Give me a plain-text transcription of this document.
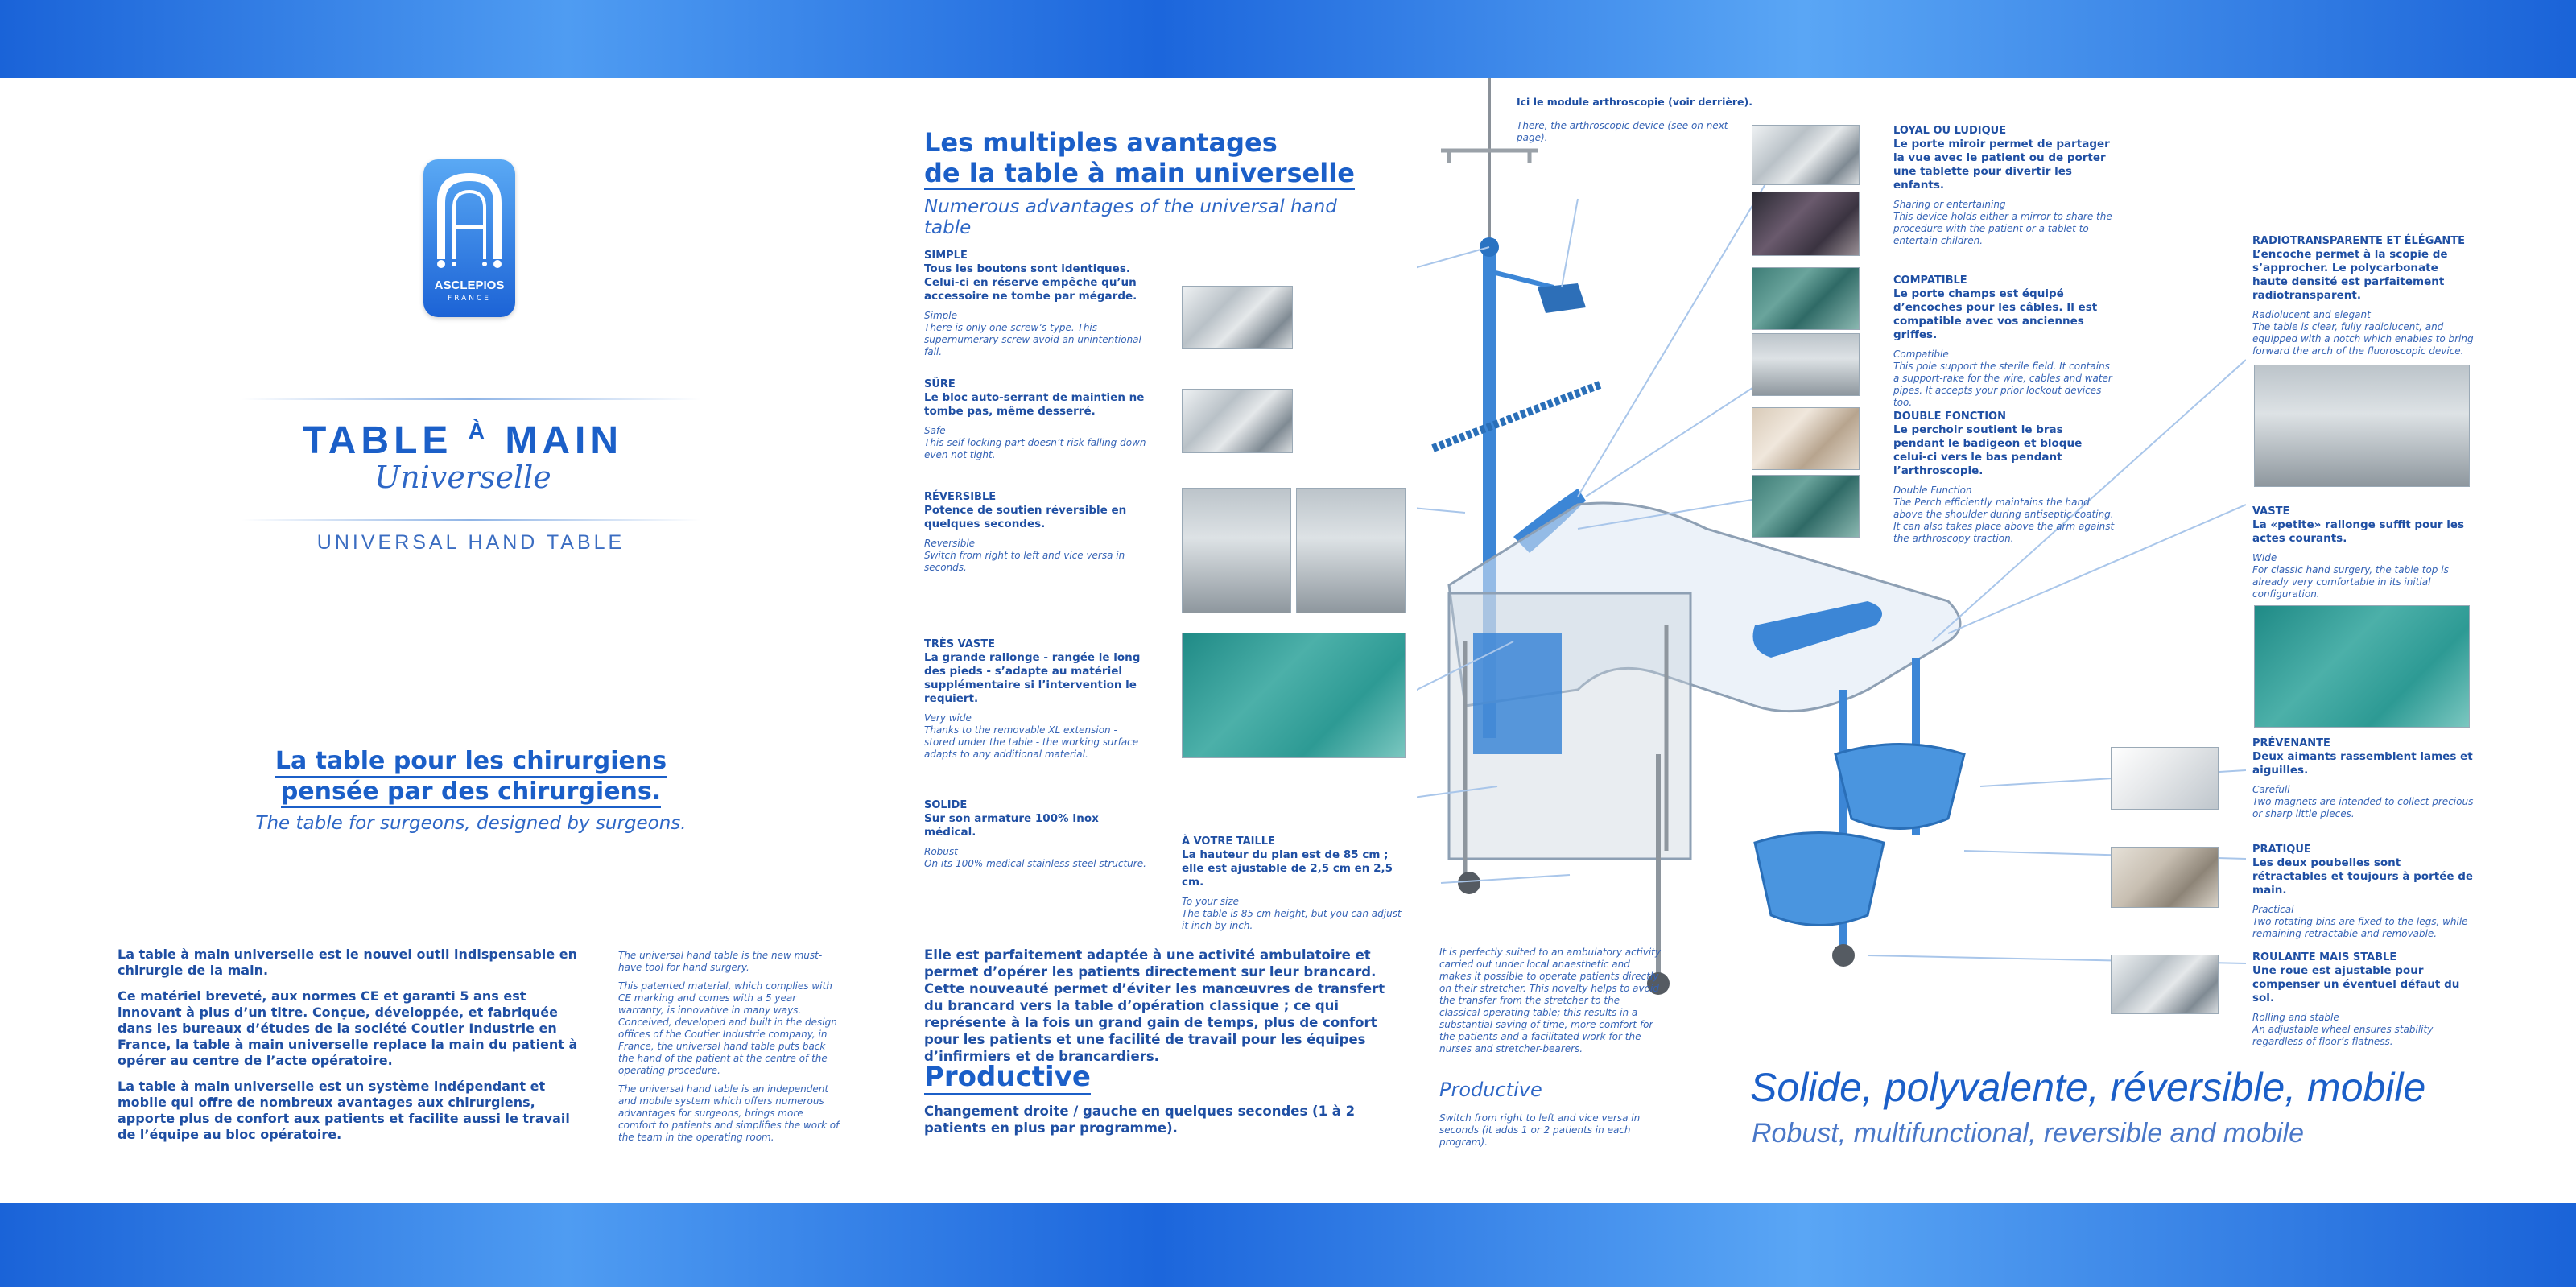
ASCLEPIOS
FRANCE
TABLE $^À$ MAIN
Universelle
UNIVERSAL HAND TABLE
La table pour les chirurgiens
pensée par des chirurgiens.
The table for surgeons, designed by surgeons.

La table à main universelle est le nouvel outil indispensable en chirurgie de la main.

Ce matériel breveté, aux normes CE et garanti 5 ans est innovant à plus d’un titre. Conçue, développée, et fabriquée dans les bureaux d’études de la société Coutier Industrie en France, la table à main universelle replace la main du patient à opérer au centre de l’acte opératoire.

La table à main universelle est un système indépendant et mobile qui offre de nombreux avantages aux chirurgiens, apporte plus de confort aux patients et facilite aussi le travail de l’équipe au bloc opératoire.

The universal hand table is the new must-have tool for hand surgery.

This patented material, which complies with CE marking and comes with a 5 year warranty, is innovative in many ways. Conceived, developed and built in the design offices of the Coutier Industrie company, in France, the universal hand table puts back the hand of the patient at the centre of the operating procedure.

The universal hand table is an independent and mobile system which offers numerous advantages for surgeons, brings more comfort to patients and simplifies the work of the team in the operating room.

Les multiples avantages
de la table à main universelle
Numerous advantages of the universal hand table
SIMPLE
Tous les boutons sont identiques. Celui-ci en réserve empêche qu’un accessoire ne tombe par mégarde.
Simple
There is only one screw’s type. This supernumerary screw avoid an unintentional fall.
SÛRE
Le bloc auto-serrant de maintien ne tombe pas, même desserré.
Safe
This self-locking part doesn’t risk falling down even not tight.
RÉVERSIBLE
Potence de soutien réversible en quelques secondes.
Reversible
Switch from right to left and vice versa in seconds.
TRÈS VASTE
La grande rallonge - rangée le long des pieds - s’adapte au matériel supplémentaire si l’intervention le requiert.
Very wide
Thanks to the removable XL extension - stored under the table - the working surface adapts to any additional material.
SOLIDE
Sur son armature 100% Inox médical.
Robust
On its 100% medical stainless steel structure.
À VOTRE TAILLE
La hauteur du plan est de 85 cm ; elle est ajustable de 2,5 cm en 2,5 cm.
To your size
The table is 85 cm height, but you can adjust it inch by inch.
Ici le module arthroscopie (voir derrière).
There, the arthroscopic device (see on next page).
LOYAL OU LUDIQUE
Le porte miroir permet de partager la vue avec le patient ou de porter une tablette pour divertir les enfants.
Sharing or entertaining
This device holds either a mirror to share the procedure with the patient or a tablet to entertain children.
COMPATIBLE
Le porte champs est équipé d’encoches pour les câbles. Il est compatible avec vos anciennes griffes.
Compatible
This pole support the sterile field. It contains a support-rake for the wire, cables and water pipes. It accepts your prior lockout devices too.
DOUBLE FONCTION
Le perchoir soutient le bras pendant le badigeon et bloque celui-ci vers le bas pendant l’arthroscopie.
Double Function
The Perch efficiently maintains the hand above the shoulder during antiseptic coating. It can also takes place above the arm against the arthroscopy traction.
RADIOTRANSPARENTE ET ÉLÉGANTE
L’encoche permet à la scopie de s’approcher. Le polycarbonate haute densité est parfaitement radiotransparent.
Radiolucent and elegant
The table is clear, fully radiolucent, and equipped with a notch which enables to bring forward the arch of the fluoroscopic device.
VASTE
La «petite» rallonge suffit pour les actes courants.
Wide
For classic hand surgery, the table top is already very comfortable in its initial configuration.
PRÉVENANTE
Deux aimants rassemblent lames et aiguilles.
Carefull
Two magnets are intended to collect precious or sharp little pieces.
PRATIQUE
Les deux poubelles sont rétractables et toujours à portée de main.
Practical
Two rotating bins are fixed to the legs, while remaining retractable and removable.
ROULANTE MAIS STABLE
Une roue est ajustable pour compenser un éventuel défaut du sol.
Rolling and stable
An adjustable wheel ensures stability regardless of floor’s flatness.
Elle est parfaitement adaptée à une activité ambulatoire et permet d’opérer les patients directement sur leur brancard. Cette nouveauté permet d’éviter les manœuvres de transfert du brancard vers la table d’opération classique ; ce qui représente à la fois un grand gain de temps, plus de confort pour les patients et une facilité de travail pour les équipes d’infirmiers et de brancardiers.
It is perfectly suited to an ambulatory activity carried out under local anaesthetic and makes it possible to operate patients directly on their stretcher. This novelty helps to avoid the transfer from the stretcher to the classical operating table; this results in a substantial saving of time, more comfort for the patients and a facilitated work for the nurses and stretcher-bearers.
Productive
Changement droite / gauche en quelques secondes (1 à 2 patients en plus par programme).
Productive
Switch from right to left and vice versa in seconds (it adds 1 or 2 patients in each program).
Solide, polyvalente, réversible, mobile
Robust, multifunctional, reversible and mobile
